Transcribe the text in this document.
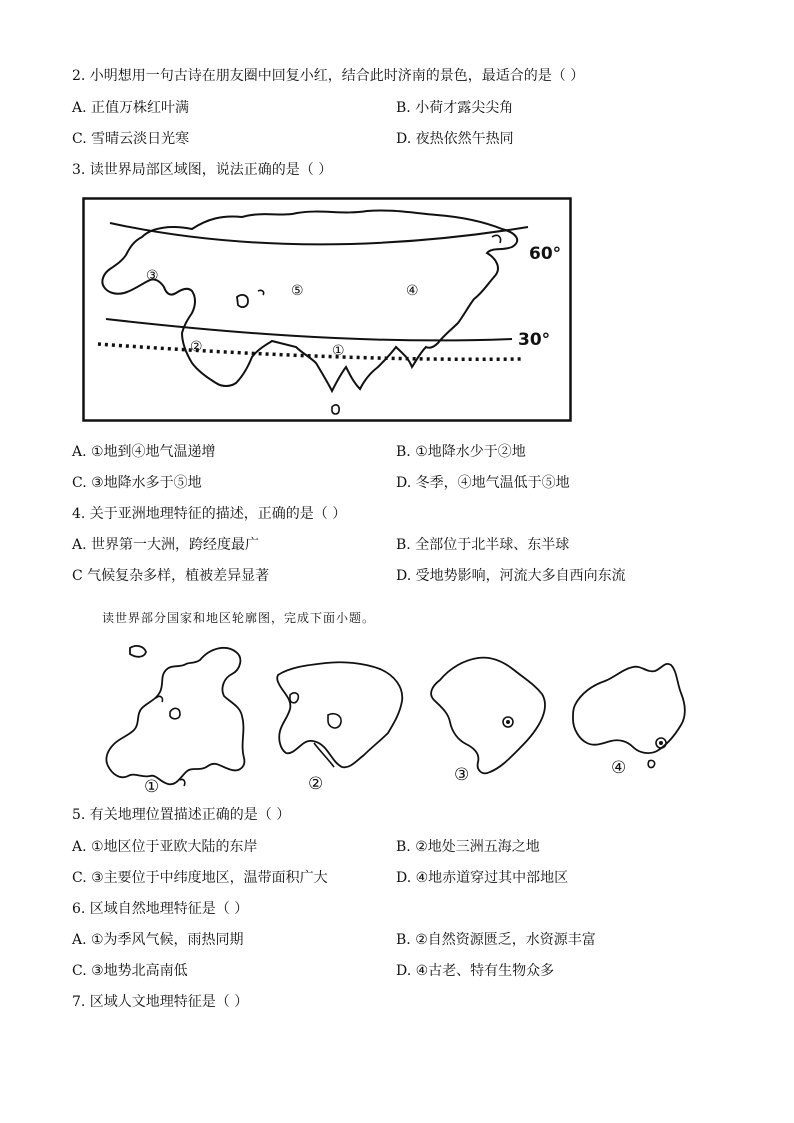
2. 小明想用一句古诗在朋友圈中回复小红，结合此时济南的景色，最适合的是（ ）
A. 正值万株红叶满	B. 小荷才露尖尖角
C. 雪晴云淡日光寒	D. 夜热依然午热同
3. 读世界局部区域图，说法正确的是（ ）
60°
30°
③
⑤	④
②	①
A. ①地到④地气温递增	B. ①地降水少于②地
C. ③地降水多于⑤地	D. 冬季，④地气温低于⑤地
4. 关于亚洲地理特征的描述，正确的是（ ）
A. 世界第一大洲，跨经度最广	B. 全部位于北半球、东半球
C 气候复杂多样，植被差异显著	D. 受地势影响，河流大多自西向东流
读世界部分国家和地区轮廓图，完成下面小题。
①	②	③	④
5. 有关地理位置描述正确的是（ ）
A. ①地区位于亚欧大陆的东岸	B. ②地处三洲五海之地
C. ③主要位于中纬度地区，温带面积广大	D. ④地赤道穿过其中部地区
6. 区域自然地理特征是（ ）
A. ①为季风气候，雨热同期	B. ②自然资源匮乏，水资源丰富
C. ③地势北高南低	D. ④古老、特有生物众多
7. 区域人文地理特征是（ ）
